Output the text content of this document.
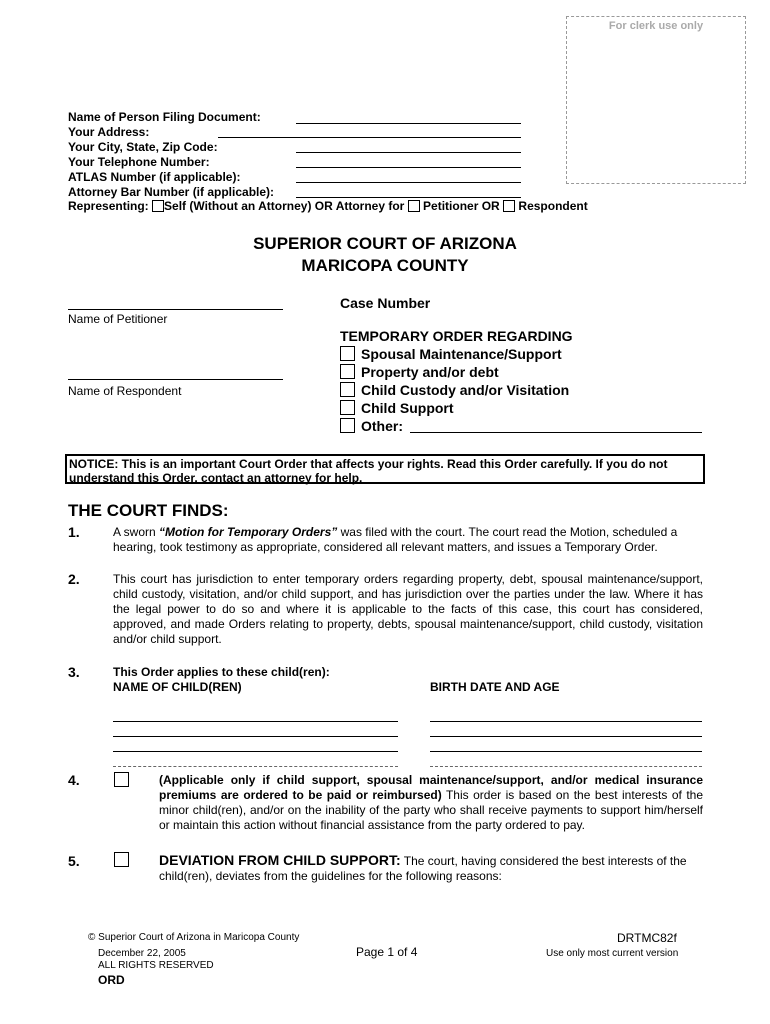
For clerk use only
Name of Person Filing Document:
Your Address:
Your City, State, Zip Code:
Your Telephone Number:
ATLAS Number (if applicable):
Attorney Bar Number (if applicable):
Representing: Self (Without an Attorney) OR Attorney for Petitioner OR Respondent
SUPERIOR COURT OF ARIZONA
MARICOPA COUNTY
Name of Petitioner
Name of Respondent
Case Number
TEMPORARY ORDER REGARDING
Spousal Maintenance/Support
Property and/or debt
Child Custody and/or Visitation
Child Support
Other:
NOTICE: This is an important Court Order that affects your rights. Read this Order carefully. If you do not
understand this Order, contact an attorney for help.
THE COURT FINDS:
1.	A sworn “Motion for Temporary Orders” was filed with the court. The court read the Motion, scheduled a
hearing, took testimony as appropriate, considered all relevant matters, and issues a Temporary Order.
2.	This court has jurisdiction to enter temporary orders regarding property, debt, spousal maintenance/support, child custody, visitation, and/or child support, and has jurisdiction over the parties under the law. Where it has the legal power to do so and where it is applicable to the facts of this case, this court has considered, approved, and made Orders relating to property, debts, spousal maintenance/support, child custody, visitation and/or child support.
3.	This Order applies to these child(ren):
NAME OF CHILD(REN)	BIRTH DATE AND AGE
4.	(Applicable only if child support, spousal maintenance/support, and/or medical insurance premiums are ordered to be paid or reimbursed) This order is based on the best interests of the minor child(ren), and/or on the inability of the party who shall receive payments to support him/herself or maintain this action without financial assistance from the party ordered to pay.
5.	DEVIATION FROM CHILD SUPPORT: The court, having considered the best interests of the
child(ren), deviates from the guidelines for the following reasons:
© Superior Court of Arizona in Maricopa County
December 22, 2005
ALL RIGHTS RESERVED
ORD
Page 1 of 4
DRTMC82f
Use only most current version
